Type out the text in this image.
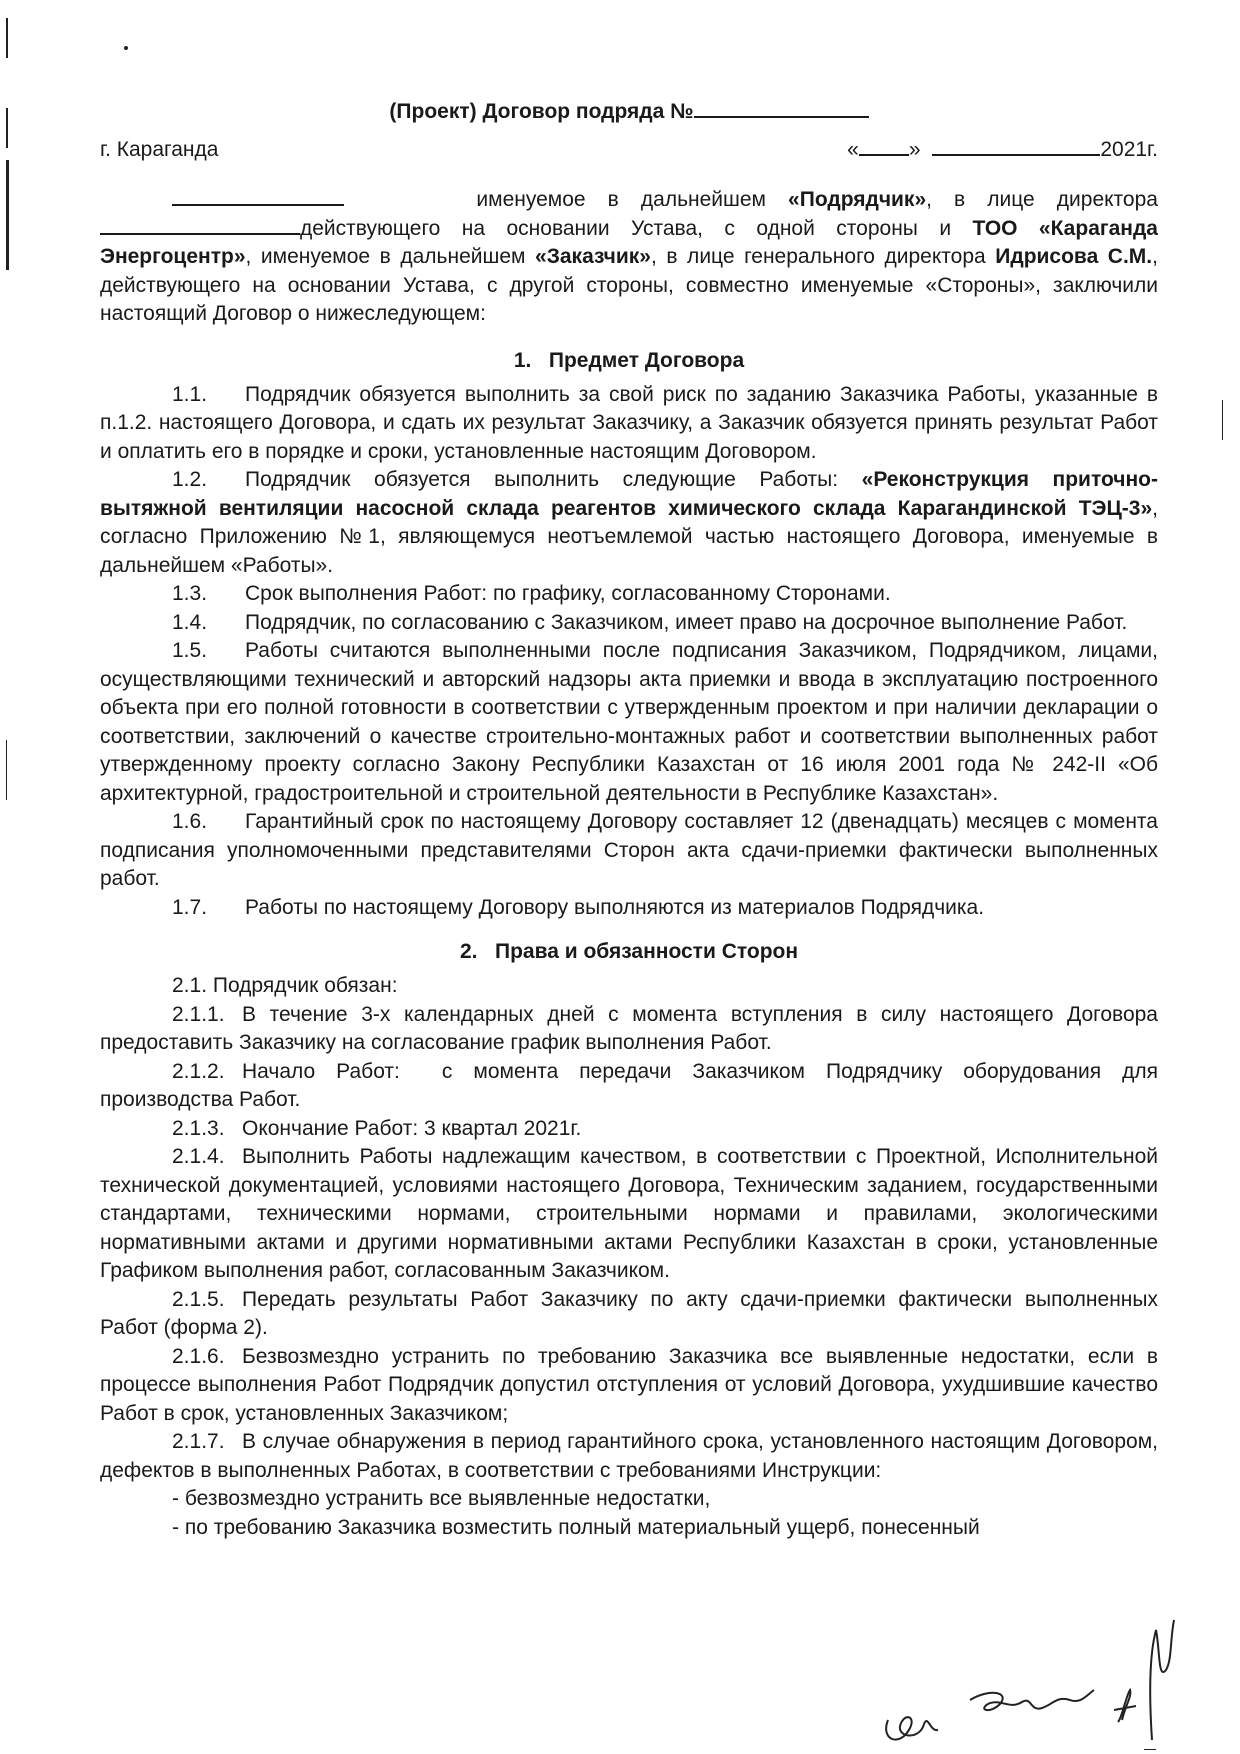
(Проект) Договор подряда №

г. Караганда	« »	2021г.

именуемое в дальнейшем «Подрядчик», в лице директора действующего на основании Устава, с одной стороны и ТОО «Караганда Энергоцентр», именуемое в дальнейшем «Заказчик», в лице генерального директора Идрисова С.М., действующего на основании Устава, с другой стороны, совместно именуемые «Стороны», заключили настоящий Договор о нижеследующем:

1.   Предмет Договора

1.1. Подрядчик обязуется выполнить за свой риск по заданию Заказчика Работы, указанные в п.1.2. настоящего Договора, и сдать их результат Заказчику, а Заказчик обязуется принять результат Работ и оплатить его в порядке и сроки, установленные настоящим Договором.

1.2. Подрядчик обязуется выполнить следующие Работы: «Реконструкция приточно-вытяжной вентиляции насосной склада реагентов химического склада Карагандинской ТЭЦ-3», согласно Приложению №1, являющемуся неотъемлемой частью настоящего Договора, именуемые в дальнейшем «Работы».

1.3. Срок выполнения Работ: по графику, согласованному Сторонами.

1.4. Подрядчик, по согласованию с Заказчиком, имеет право на досрочное выполнение Работ.

1.5. Работы считаются выполненными после подписания Заказчиком, Подрядчиком, лицами, осуществляющими технический и авторский надзоры акта приемки и ввода в эксплуатацию построенного объекта при его полной готовности в соответствии с утвержденным проектом и при наличии декларации о соответствии, заключений о качестве строительно-монтажных работ и соответствии выполненных работ утвержденному проекту согласно Закону Республики Казахстан от 16 июля 2001 года № 242-II «Об архитектурной, градостроительной и строительной деятельности в Республике Казахстан».

1.6. Гарантийный срок по настоящему Договору составляет 12 (двенадцать) месяцев с момента подписания уполномоченными представителями Сторон акта сдачи-приемки фактически выполненных работ.

1.7. Работы по настоящему Договору выполняются из материалов Подрядчика.

2.   Права и обязанности Сторон

2.1. Подрядчик обязан:

2.1.1. В течение 3-х календарных дней с момента вступления в силу настоящего Договора предоставить Заказчику на согласование график выполнения Работ.

2.1.2. Начало Работ:  с момента передачи Заказчиком Подрядчику оборудования для производства Работ.

2.1.3. Окончание Работ: 3 квартал 2021г.

2.1.4. Выполнить Работы надлежащим качеством, в соответствии с Проектной, Исполнительной технической документацией, условиями настоящего Договора, Техническим заданием, государственными стандартами, техническими нормами, строительными нормами и правилами, экологическими нормативными актами и другими нормативными актами Республики Казахстан в сроки, установленные Графиком выполнения работ, согласованным Заказчиком.

2.1.5. Передать результаты Работ Заказчику по акту сдачи-приемки фактически выполненных Работ (форма 2).

2.1.6. Безвозмездно устранить по требованию Заказчика все выявленные недостатки, если в процессе выполнения Работ Подрядчик допустил отступления от условий Договора, ухудшившие качество Работ в срок, установленных Заказчиком;

2.1.7. В случае обнаружения в период гарантийного срока, установленного настоящим Договором, дефектов в выполненных Работах, в соответствии с требованиями Инструкции:

- безвозмездно устранить все выявленные недостатки,

- по требованию Заказчика возместить полный материальный ущерб, понесенный
